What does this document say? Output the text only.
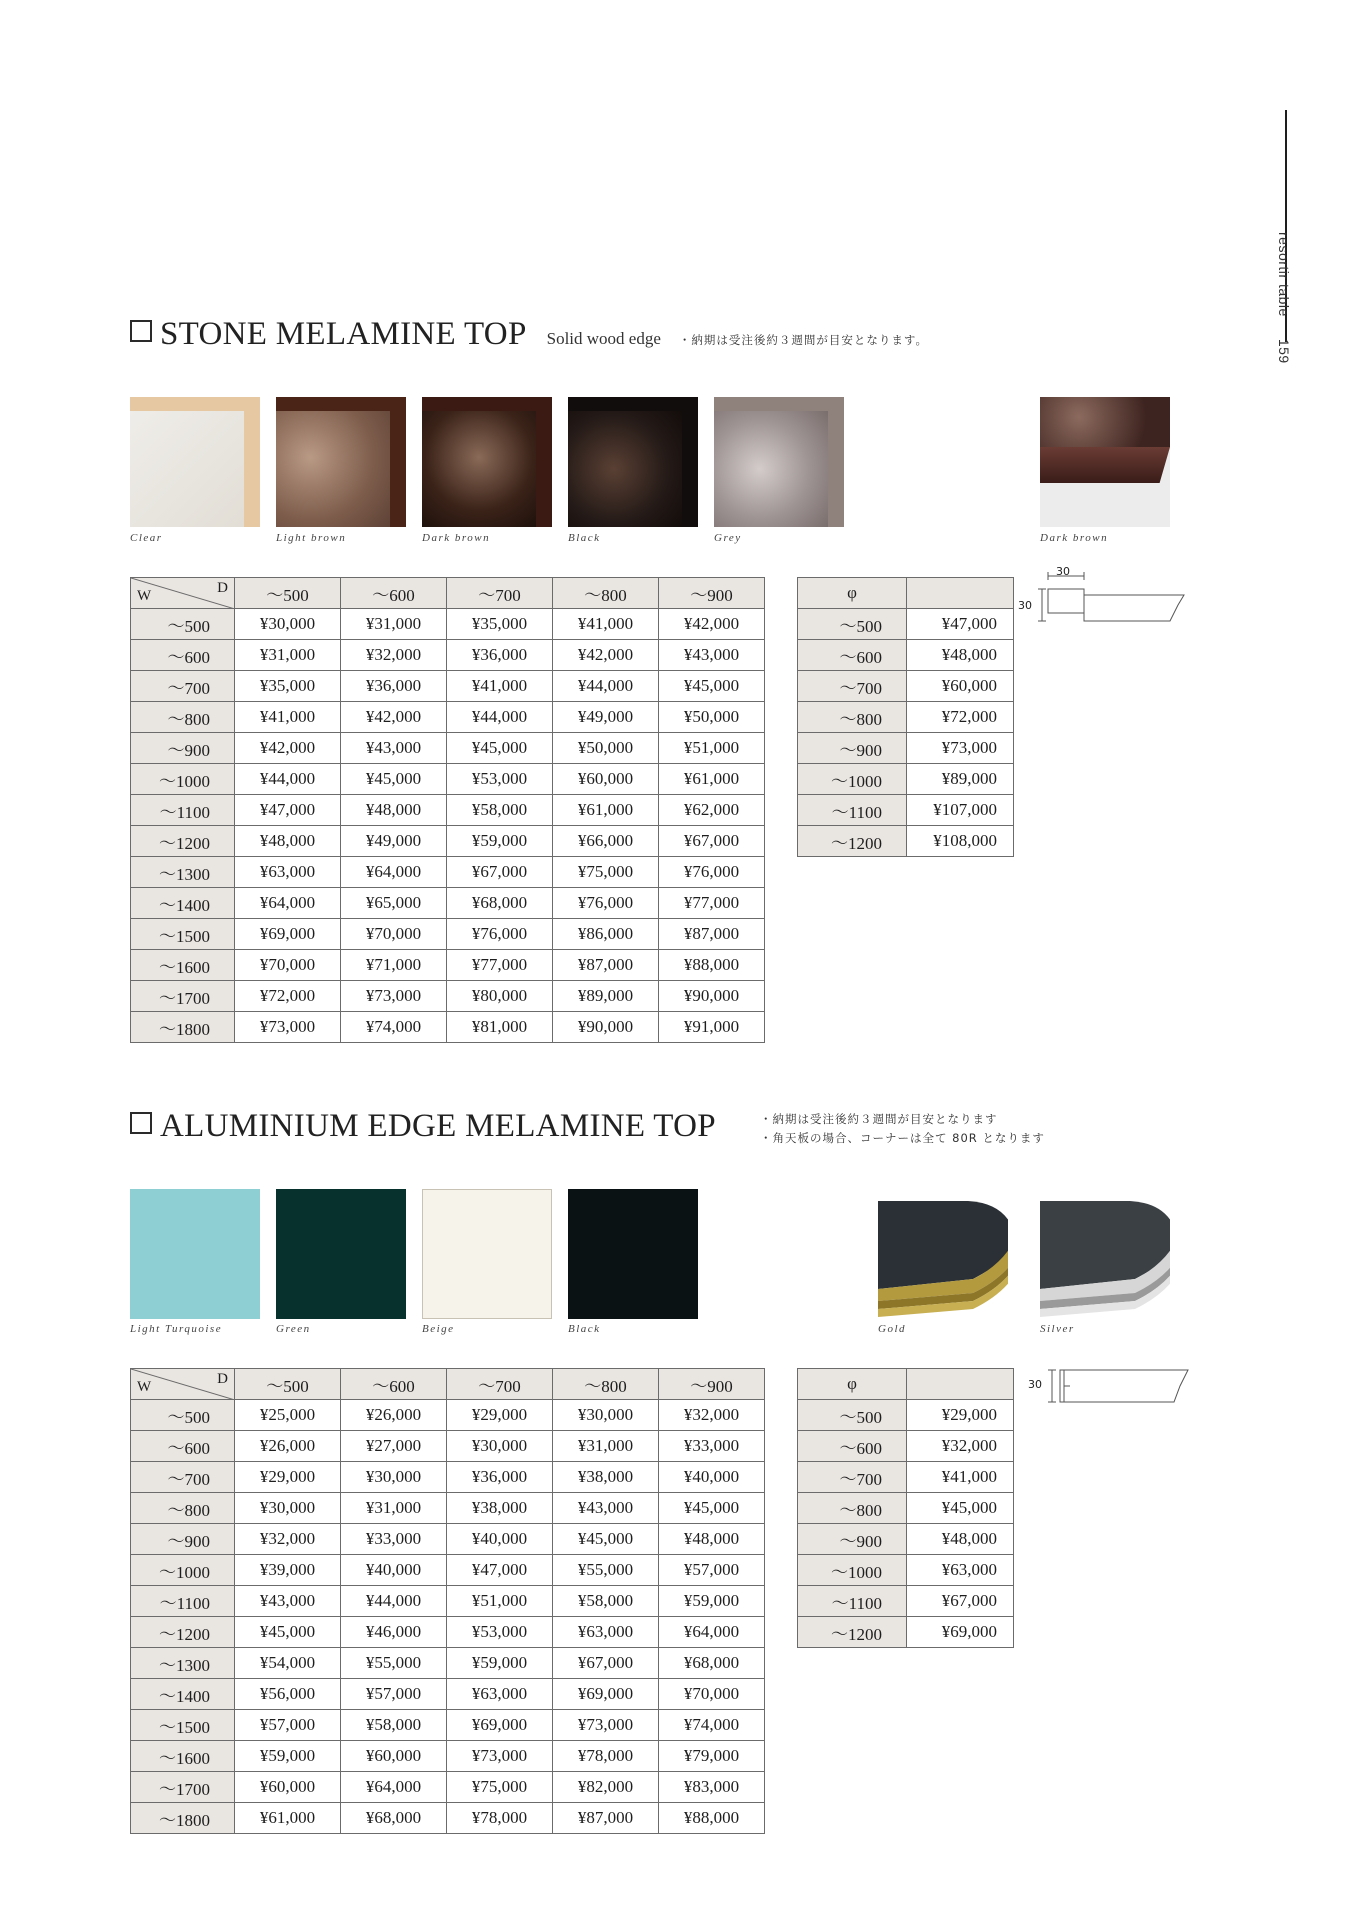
resortir table159
STONE MELAMINE TOP Solid wood edge ・納期は受注後約３週間が目安となります。
Clear	Light brown	Dark brown	Black	Grey	Dark brown
30
30
D
W	～500	～600	～700	～800	～900
～500	¥30,000	¥31,000	¥35,000	¥41,000	¥42,000
～600	¥31,000	¥32,000	¥36,000	¥42,000	¥43,000
～700	¥35,000	¥36,000	¥41,000	¥44,000	¥45,000
～800	¥41,000	¥42,000	¥44,000	¥49,000	¥50,000
～900	¥42,000	¥43,000	¥45,000	¥50,000	¥51,000
～1000	¥44,000	¥45,000	¥53,000	¥60,000	¥61,000
～1100	¥47,000	¥48,000	¥58,000	¥61,000	¥62,000
～1200	¥48,000	¥49,000	¥59,000	¥66,000	¥67,000
～1300	¥63,000	¥64,000	¥67,000	¥75,000	¥76,000
～1400	¥64,000	¥65,000	¥68,000	¥76,000	¥77,000
～1500	¥69,000	¥70,000	¥76,000	¥86,000	¥87,000
～1600	¥70,000	¥71,000	¥77,000	¥87,000	¥88,000
～1700	¥72,000	¥73,000	¥80,000	¥89,000	¥90,000
～1800	¥73,000	¥74,000	¥81,000	¥90,000	¥91,000
φ	
～500	¥47,000
～600	¥48,000
～700	¥60,000
～800	¥72,000
～900	¥73,000
～1000	¥89,000
～1100	¥107,000
～1200	¥108,000
ALUMINIUM EDGE MELAMINE TOP	・納期は受注後約３週間が目安となります
・角天板の場合、コーナーは全て 80R となります
Light Turquoise	Green	Beige	Black	Gold	Silver
30
D
W	～500	～600	～700	～800	～900
～500	¥25,000	¥26,000	¥29,000	¥30,000	¥32,000
～600	¥26,000	¥27,000	¥30,000	¥31,000	¥33,000
～700	¥29,000	¥30,000	¥36,000	¥38,000	¥40,000
～800	¥30,000	¥31,000	¥38,000	¥43,000	¥45,000
～900	¥32,000	¥33,000	¥40,000	¥45,000	¥48,000
～1000	¥39,000	¥40,000	¥47,000	¥55,000	¥57,000
～1100	¥43,000	¥44,000	¥51,000	¥58,000	¥59,000
～1200	¥45,000	¥46,000	¥53,000	¥63,000	¥64,000
～1300	¥54,000	¥55,000	¥59,000	¥67,000	¥68,000
～1400	¥56,000	¥57,000	¥63,000	¥69,000	¥70,000
～1500	¥57,000	¥58,000	¥69,000	¥73,000	¥74,000
～1600	¥59,000	¥60,000	¥73,000	¥78,000	¥79,000
～1700	¥60,000	¥64,000	¥75,000	¥82,000	¥83,000
～1800	¥61,000	¥68,000	¥78,000	¥87,000	¥88,000
φ	
～500	¥29,000
～600	¥32,000
～700	¥41,000
～800	¥45,000
～900	¥48,000
～1000	¥63,000
～1100	¥67,000
～1200	¥69,000
